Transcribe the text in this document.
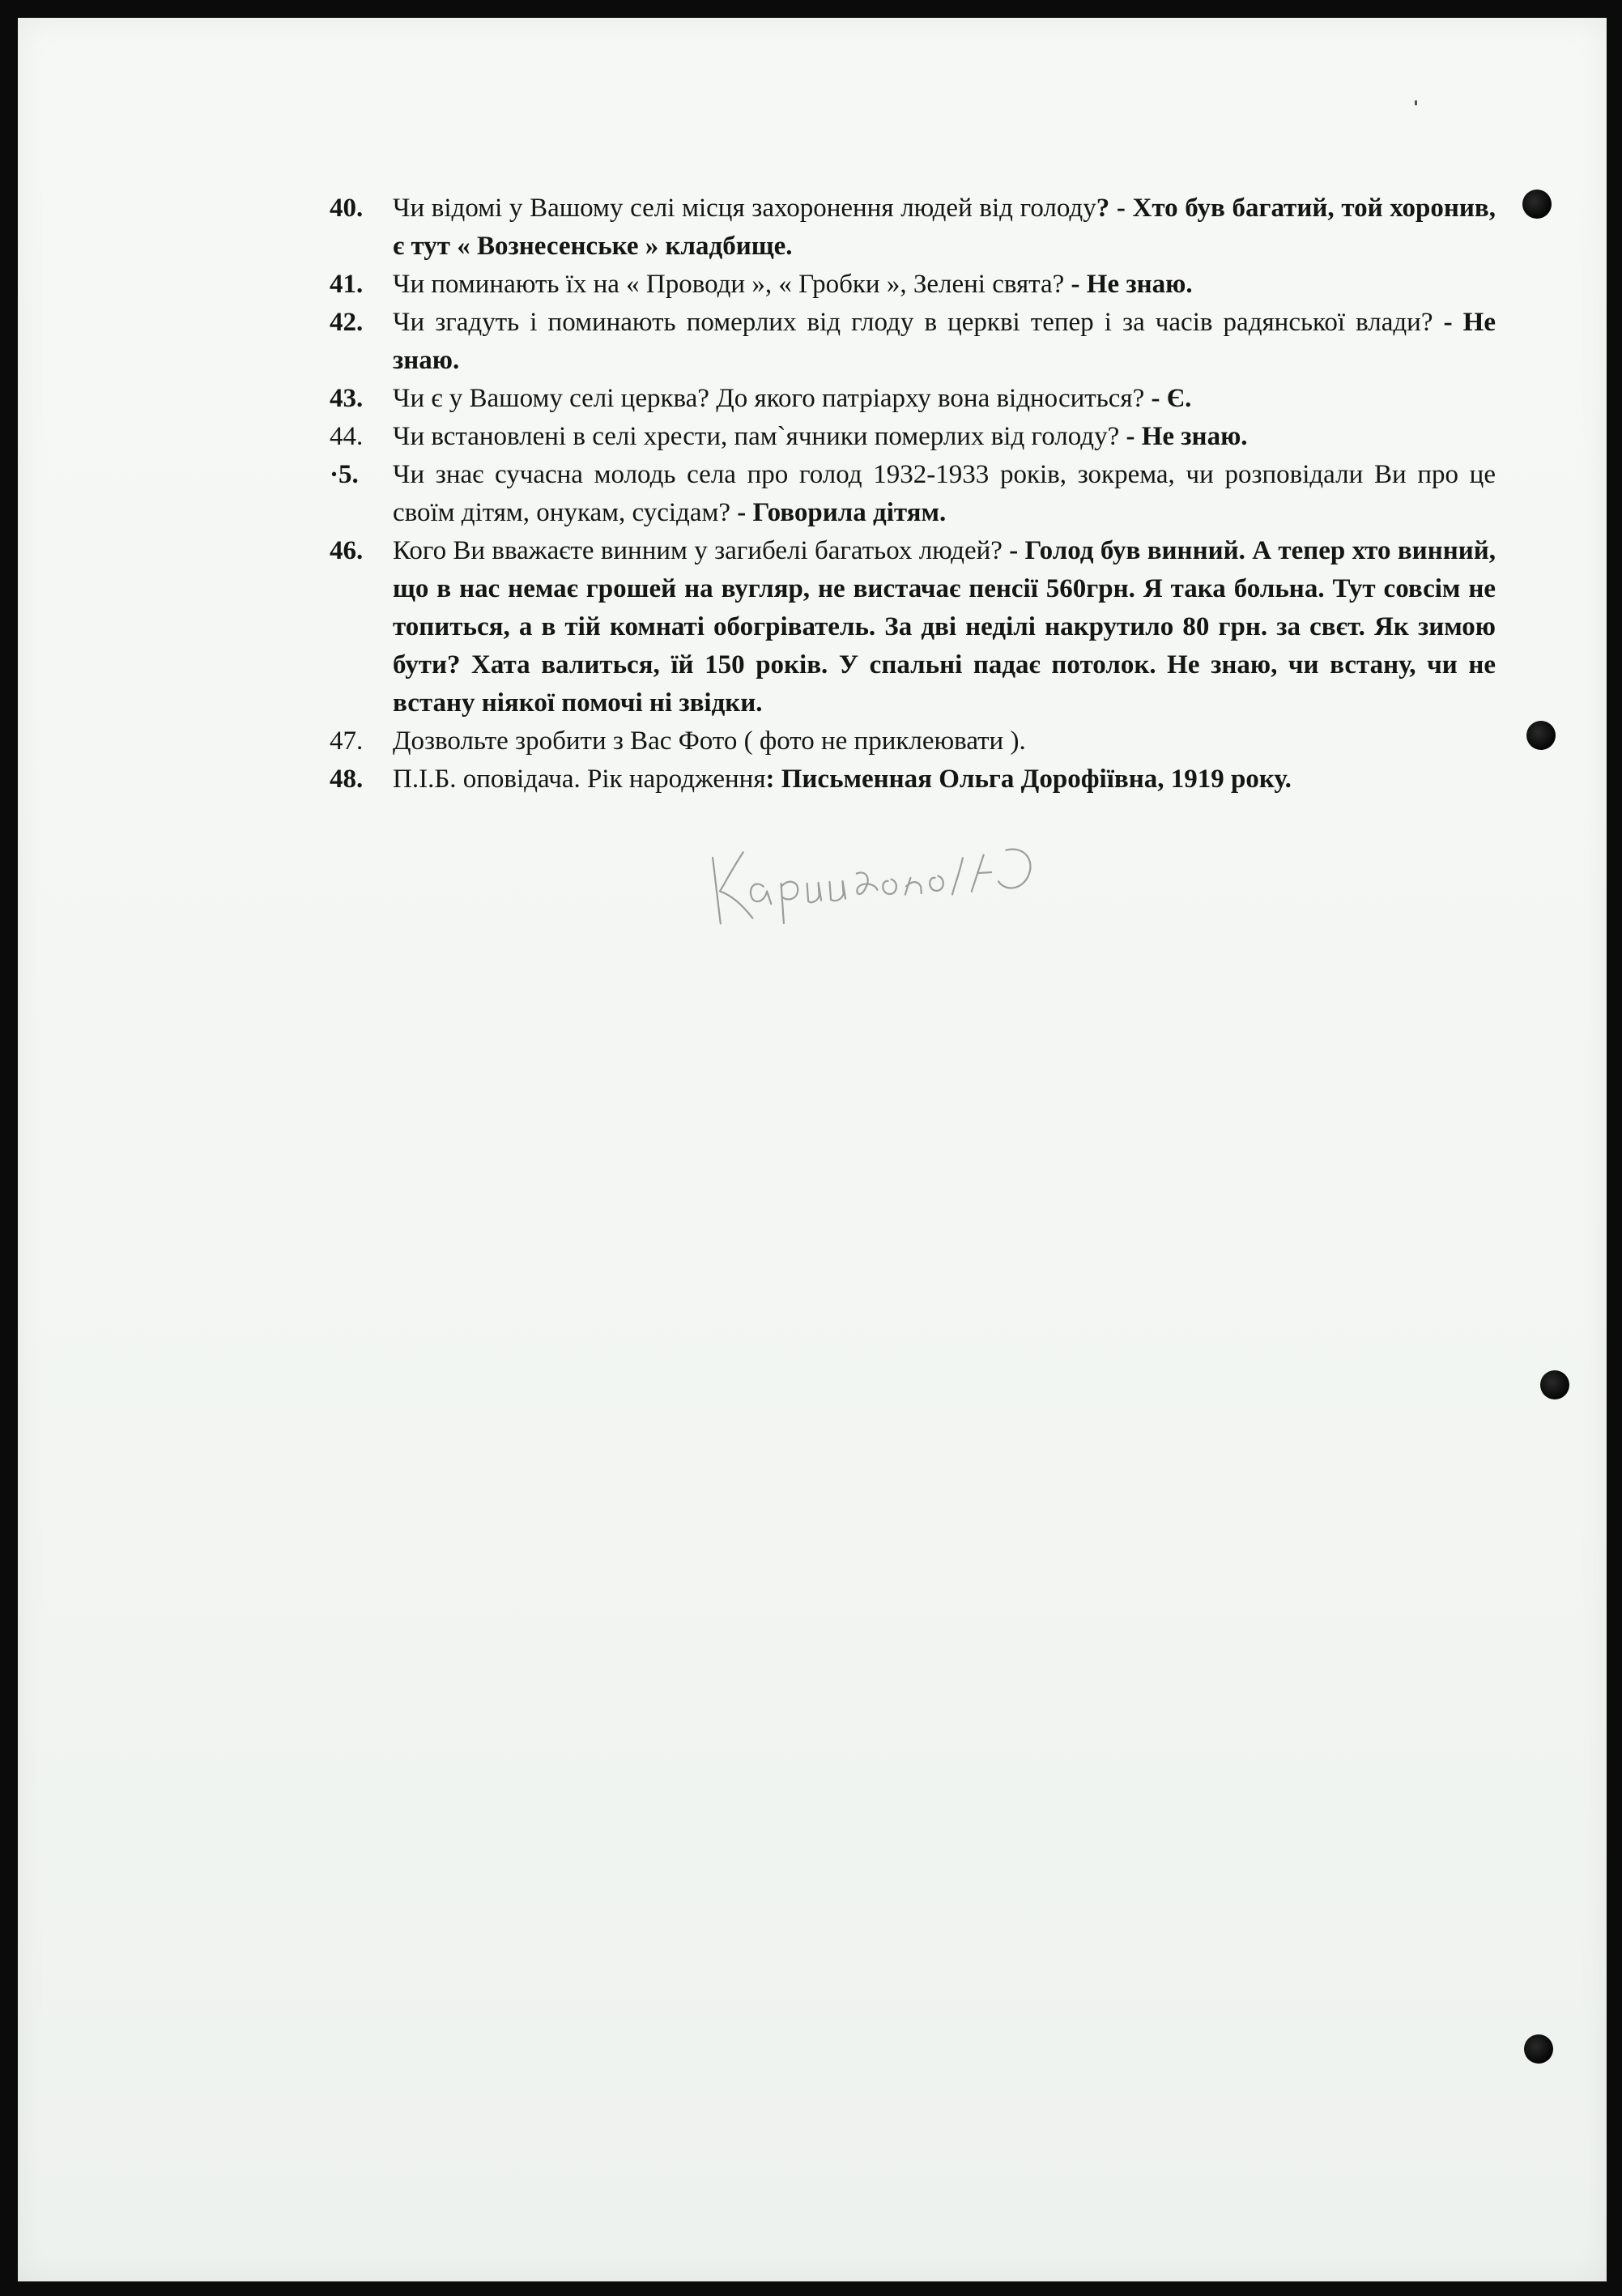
40.	Чи відомі у Вашому селі місця захоронення людей від голоду? - Хто був багатий, той хоронив, є тут « Вознесенське » кладбище.
41.	Чи поминають їх на « Проводи », « Гробки », Зелені свята? - Не знаю.
42.	Чи згадуть і поминають померлих від глоду в церкві тепер і за часів радянської влади? - Не знаю.
43.	Чи є у Вашому селі церква? До якого патріарху вона відноситься? - Є.
44.	Чи встановлені в селі хрести, пам`ячники померлих від голоду? - Не знаю.
·5.	Чи знає сучасна молодь села про голод 1932-1933 років, зокрема, чи розповідали Ви про це своїм дітям, онукам, сусідам? - Говорила дітям.
46.	Кого Ви вважаєте винним у загибелі багатьох людей? - Голод був винний. А тепер хто винний, що в нас немає грошей на вугляр, не вистачає пенсії 560грн. Я така больна. Тут совсім не топиться, а в тій комнаті обогріватель. За дві неділі накрутило 80 грн. за свєт. Як зимою бути? Хата валиться, їй 150 років. У спальні падає потолок. Не знаю, чи встану, чи не встану ніякої помочі ні звідки.
47.	Дозвольте зробити з Вас Фото ( фото не приклеювати ).
48.	П.І.Б. оповідача. Рік народження: Письменная Ольга Дорофіївна, 1919 року.
